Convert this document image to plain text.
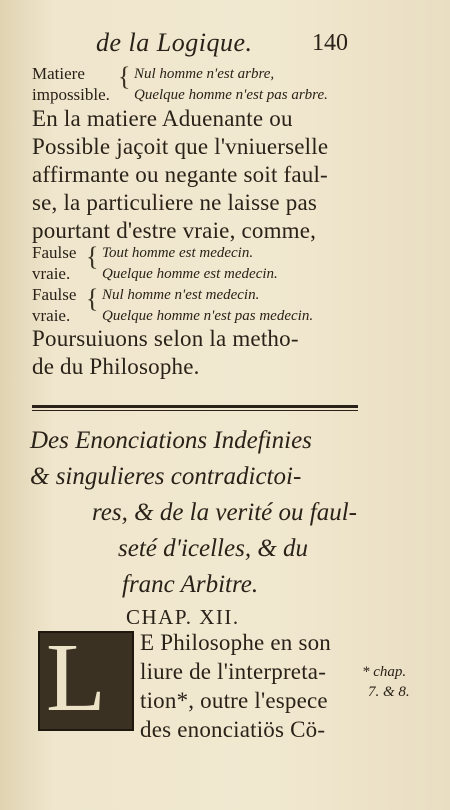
de la Logique. 140
Matiere
impossible.
{ Nul homme n'est arbre,
Quelque homme n'est pas arbre.
En la matiere Aduenante ou
Possible jaçoit que l'vniuerselle
affirmante ou negante soit faul-
se, la particuliere ne laisse pas
pourtant d'estre vraie, comme,
Faulse
vraie.
Faulse
vraie.
{
{
Tout homme est medecin.
Quelque homme est medecin.
Nul homme n'est medecin.
Quelque homme n'est pas medecin.
Poursuiuons selon la metho-
de du Philosophe.
Des Enonciations Indefinies
& singulieres contradictoi-
res, & de la verité ou faul-
seté d'icelles, & du
franc Arbitre.
CHAP. XII.
L E Philosophe en son
liure de l'interpreta-
tion*, outre l'espece
des enonciatiös Cö-
* chap.
7. & 8.
